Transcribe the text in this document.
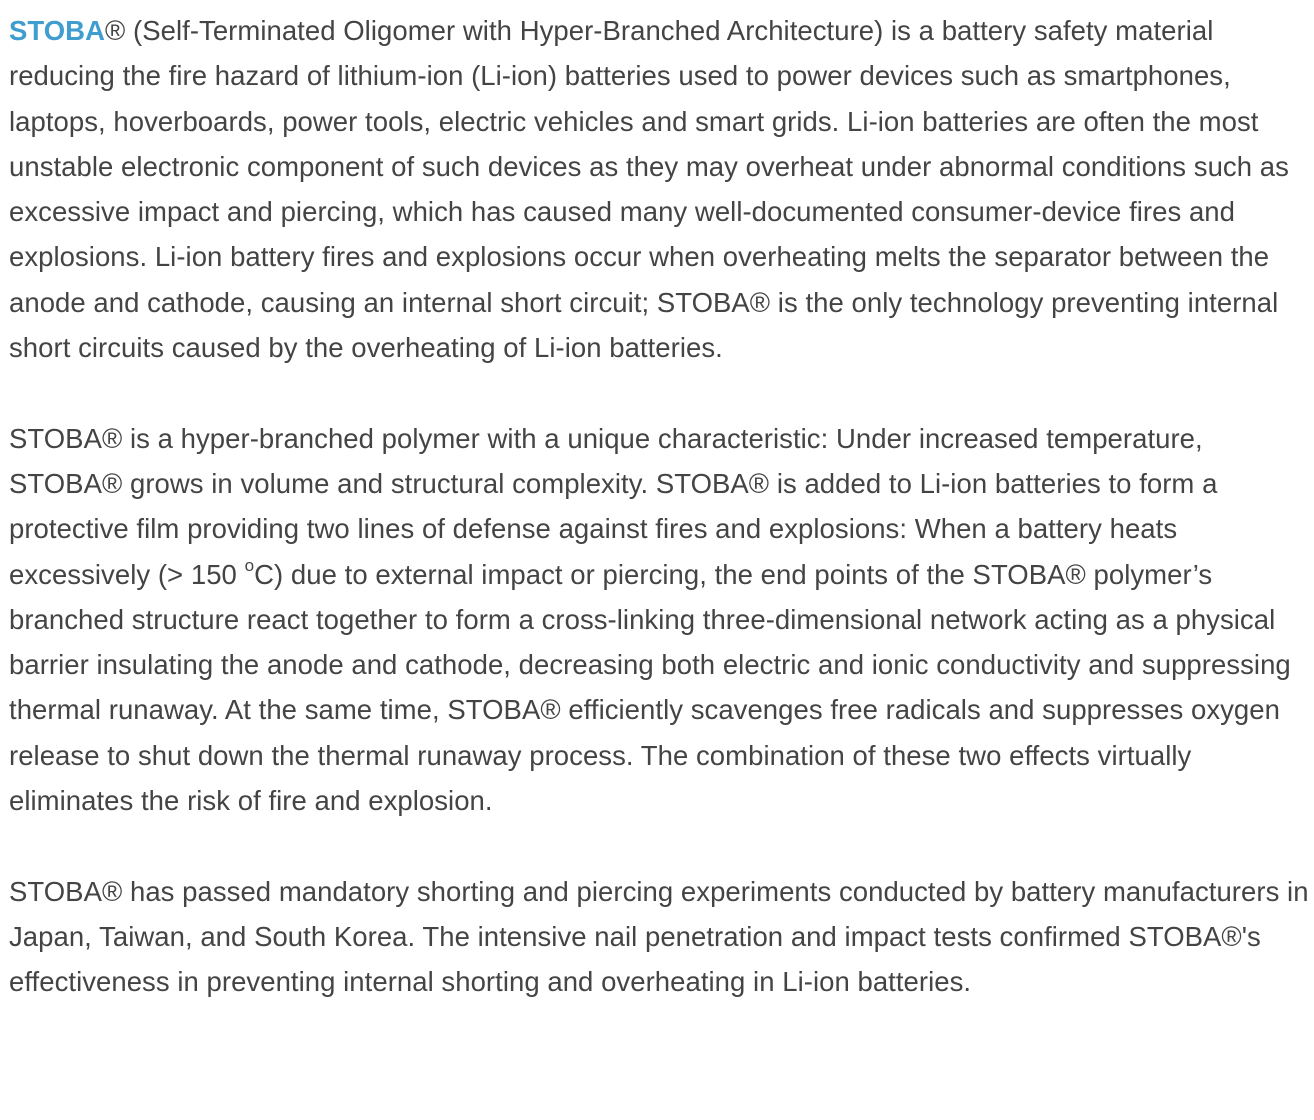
STOBA® (Self-Terminated Oligomer with Hyper-Branched Architecture) is a battery safety material reducing the fire hazard of lithium-ion (Li-ion) batteries used to power devices such as smartphones, laptops, hoverboards, power tools, electric vehicles and smart grids. Li-ion batteries are often the most unstable electronic component of such devices as they may overheat under abnormal conditions such as excessive impact and piercing, which has caused many well-documented consumer-device fires and explosions. Li-ion battery fires and explosions occur when overheating melts the separator between the anode and cathode, causing an internal short circuit; STOBA® is the only technology preventing internal short circuits caused by the overheating of Li-ion batteries.

STOBA® is a hyper-branched polymer with a unique characteristic: Under increased temperature, STOBA® grows in volume and structural complexity. STOBA® is added to Li-ion batteries to form a protective film providing two lines of defense against fires and explosions: When a battery heats excessively (> 150 $^o$C) due to external impact or piercing, the end points of the STOBA® polymer’s branched structure react together to form a cross-linking three-dimensional network acting as a physical barrier insulating the anode and cathode, decreasing both electric and ionic conductivity and suppressing thermal runaway. At the same time, STOBA® efficiently scavenges free radicals and suppresses oxygen release to shut down the thermal runaway process. The combination of these two effects virtually eliminates the risk of fire and explosion.

STOBA® has passed mandatory shorting and piercing experiments conducted by battery manufacturers in Japan, Taiwan, and South Korea. The intensive nail penetration and impact tests confirmed STOBA®'s effectiveness in preventing internal shorting and overheating in Li-ion batteries.
